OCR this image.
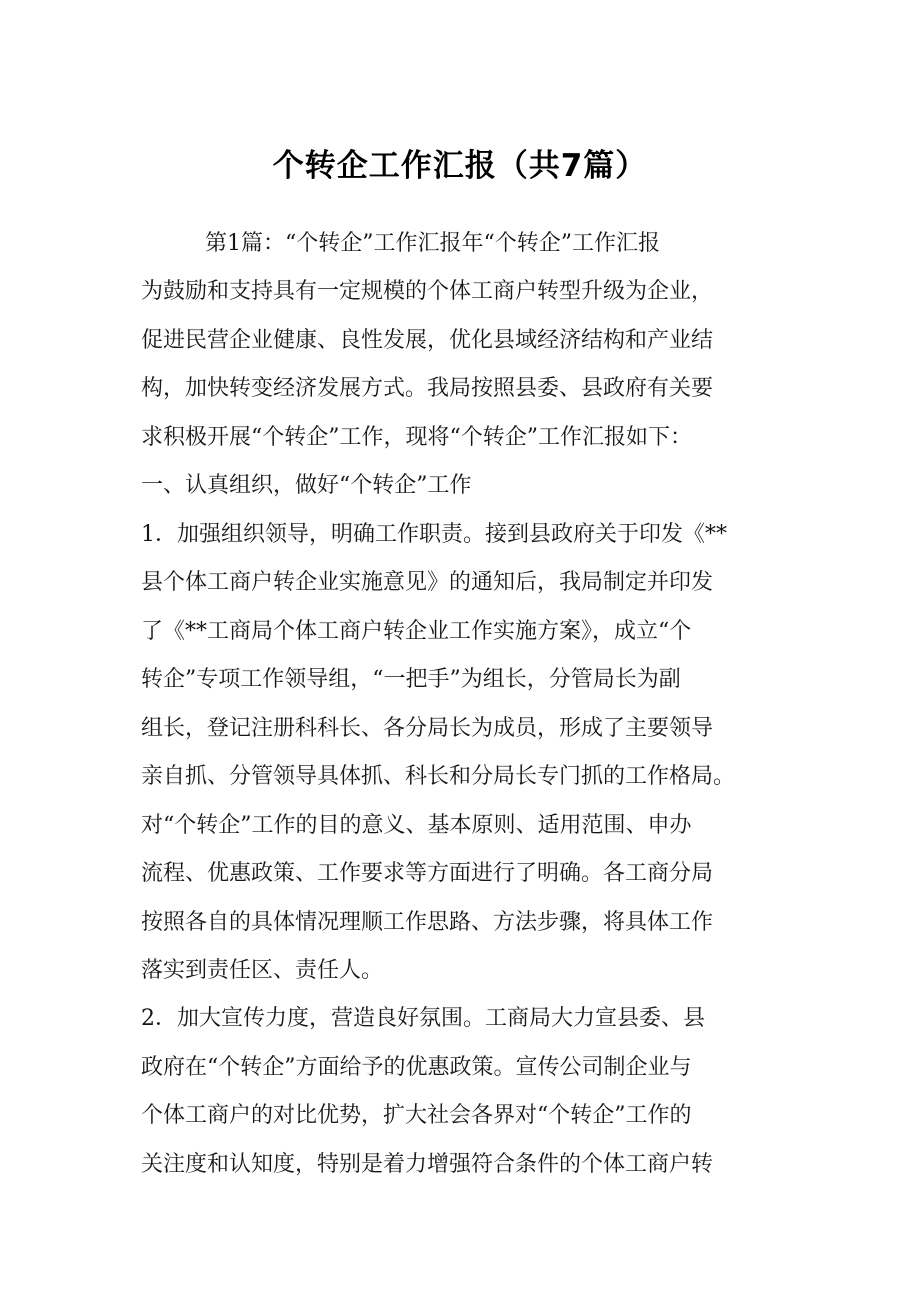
个转企工作汇报（共7篇）
第1篇：“个转企”工作汇报年“个转企”工作汇报
为鼓励和支持具有一定规模的个体工商户转型升级为企业，
促进民营企业健康、良性发展，优化县域经济结构和产业结
构，加快转变经济发展方式。我局按照县委、县政府有关要
求积极开展“个转企”工作，现将“个转企”工作汇报如下：
一、认真组织，做好“个转企”工作
1．加强组织领导，明确工作职责。接到县政府关于印发《**
县个体工商户转企业实施意见》的通知后，我局制定并印发
了《**工商局个体工商户转企业工作实施方案》，成立“个
转企”专项工作领导组，“一把手”为组长，分管局长为副
组长，登记注册科科长、各分局长为成员，形成了主要领导
亲自抓、分管领导具体抓、科长和分局长专门抓的工作格局。
对“个转企”工作的目的意义、基本原则、适用范围、申办
流程、优惠政策、工作要求等方面进行了明确。各工商分局
按照各自的具体情况理顺工作思路、方法步骤，将具体工作
落实到责任区、责任人。
2．加大宣传力度，营造良好氛围。工商局大力宣县委、县
政府在“个转企”方面给予的优惠政策。宣传公司制企业与
个体工商户的对比优势，扩大社会各界对“个转企”工作的
关注度和认知度，特别是着力增强符合条件的个体工商户转
